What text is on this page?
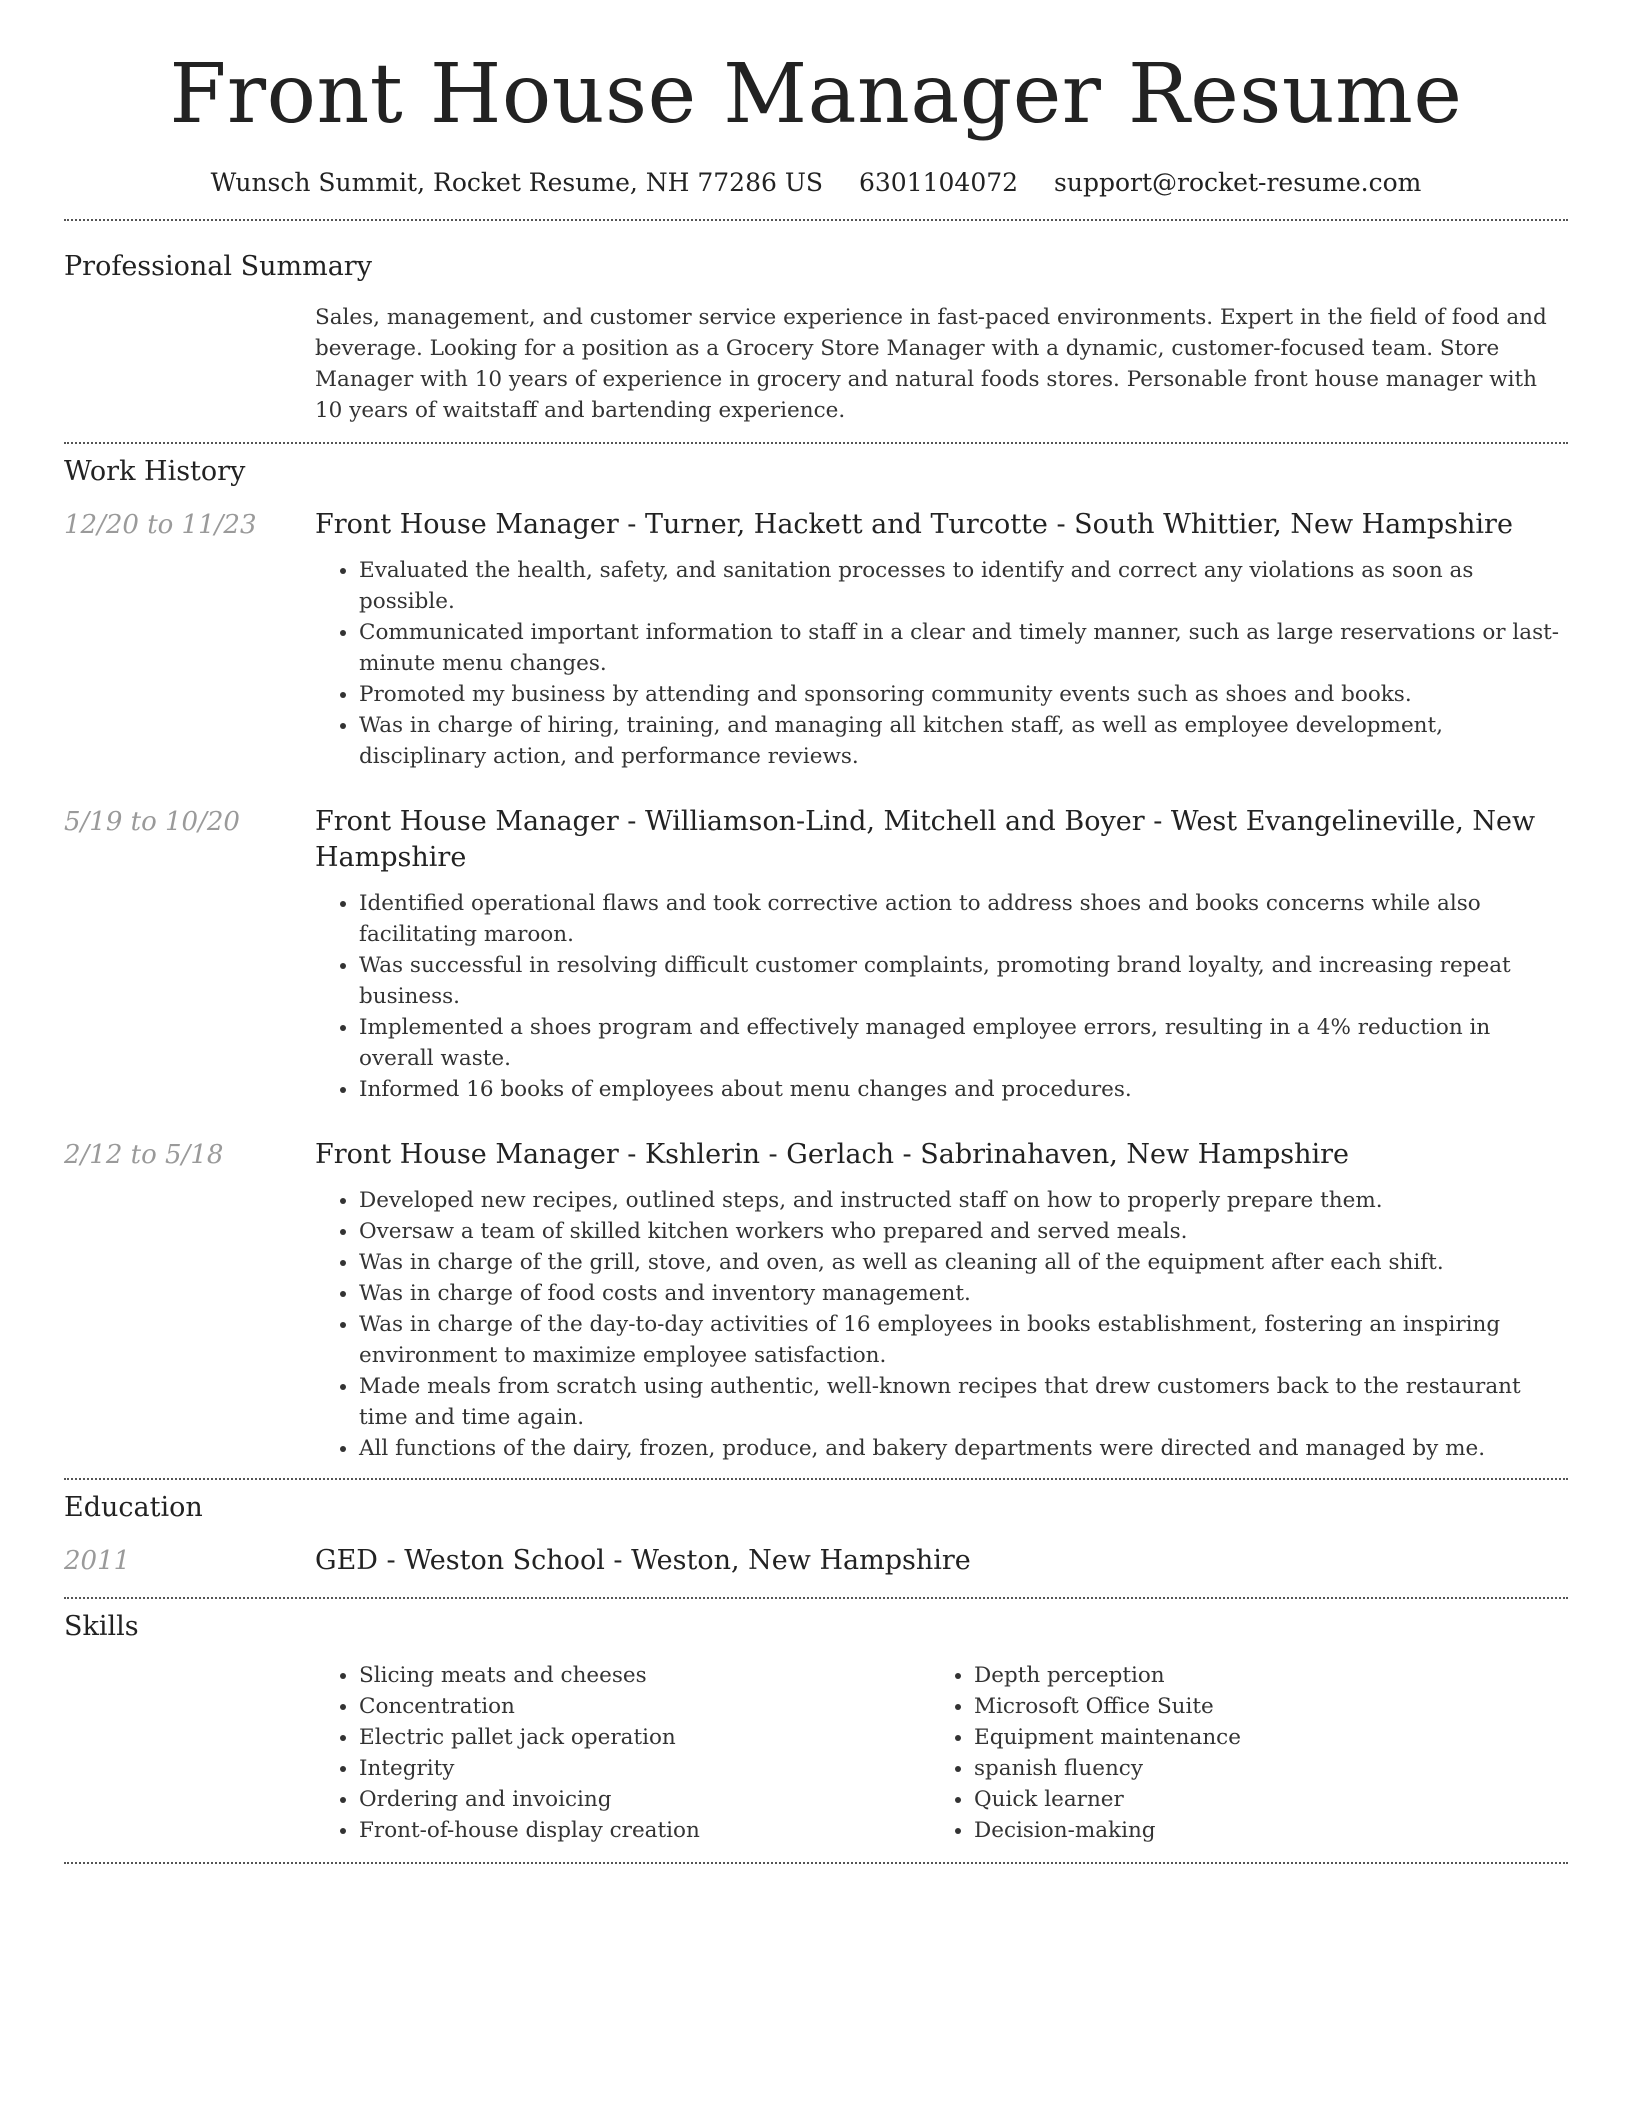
Front House Manager Resume
Wunsch Summit, Rocket Resume, NH 77286 US 6301104072 support@rocket-resume.com
Professional Summary

Sales, management, and customer service experience in fast-paced environments. Expert in the field of food and beverage. Looking for a position as a Grocery Store Manager with a dynamic, customer-focused team. Store Manager with 10 years of experience in grocery and natural foods stores. Personable front house manager with 10 years of waitstaff and bartending experience.

Work History
12/20 to 11/23	Front House Manager - Turner, Hackett and Turcotte - South Whittier, New Hampshire
• Evaluated the health, safety, and sanitation processes to identify and correct any violations as soon as possible.
• Communicated important information to staff in a clear and timely manner, such as large reservations or last-minute menu changes.
• Promoted my business by attending and sponsoring community events such as shoes and books.
• Was in charge of hiring, training, and managing all kitchen staff, as well as employee development, disciplinary action, and performance reviews.
5/19 to 10/20	Front House Manager - Williamson-Lind, Mitchell and Boyer - West Evangelineville, New Hampshire
• Identified operational flaws and took corrective action to address shoes and books concerns while also facilitating maroon.
• Was successful in resolving difficult customer complaints, promoting brand loyalty, and increasing repeat business.
• Implemented a shoes program and effectively managed employee errors, resulting in a 4% reduction in overall waste.
• Informed 16 books of employees about menu changes and procedures.
2/12 to 5/18	Front House Manager - Kshlerin - Gerlach - Sabrinahaven, New Hampshire
• Developed new recipes, outlined steps, and instructed staff on how to properly prepare them.
• Oversaw a team of skilled kitchen workers who prepared and served meals.
• Was in charge of the grill, stove, and oven, as well as cleaning all of the equipment after each shift.
• Was in charge of food costs and inventory management.
• Was in charge of the day-to-day activities of 16 employees in books establishment, fostering an inspiring environment to maximize employee satisfaction.
• Made meals from scratch using authentic, well-known recipes that drew customers back to the restaurant time and time again.
• All functions of the dairy, frozen, produce, and bakery departments were directed and managed by me.
Education
2011	GED - Weston School - Weston, New Hampshire
Skills
• Slicing meats and cheeses
• Concentration
• Electric pallet jack operation
• Integrity
• Ordering and invoicing
• Front-of-house display creation
• Depth perception
• Microsoft Office Suite
• Equipment maintenance
• spanish fluency
• Quick learner
• Decision-making
